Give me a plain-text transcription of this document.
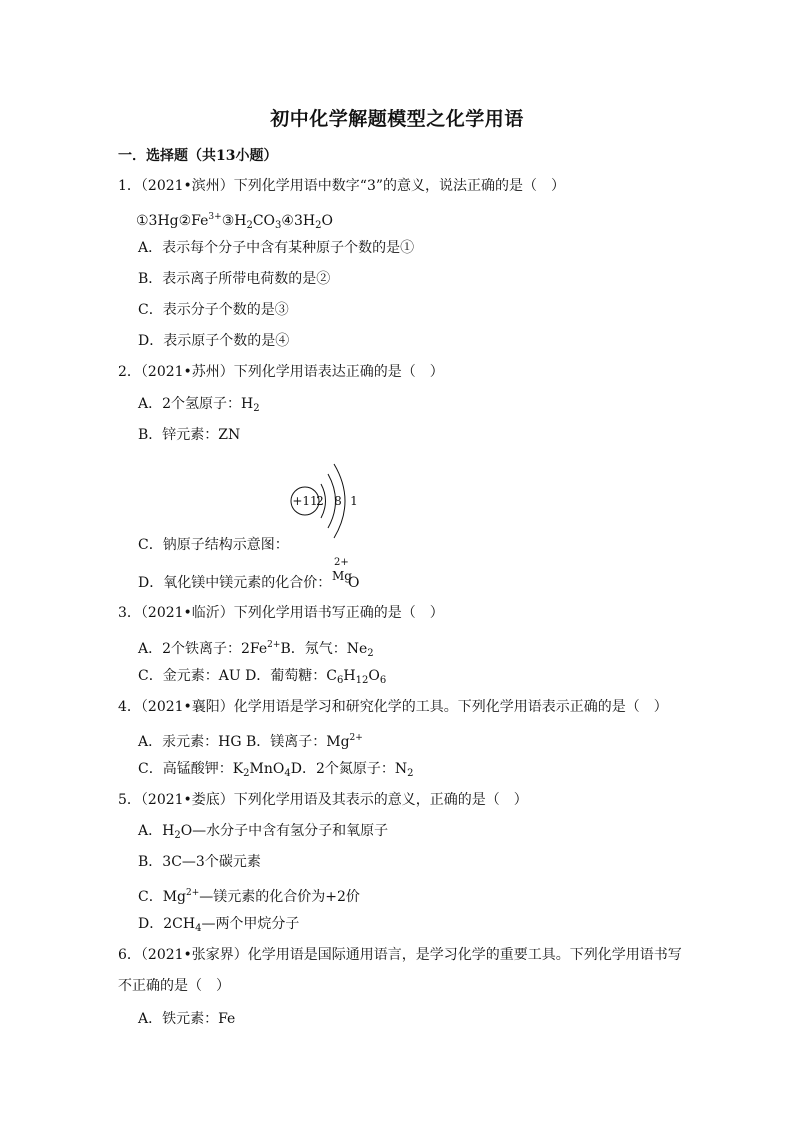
初中化学解题模型之化学用语
一．选择题（共13小题）
1．（2021•滨州）下列化学用语中数字“3”的意义，说法正确的是（　）
$①3Hg②Fe^{3+}③H_2CO_3④3H_2O$
A．表示每个分子中含有某种原子个数的是①
B．表示离子所带电荷数的是②
C．表示分子个数的是③
D．表示原子个数的是④
2．（2021•苏州）下列化学用语表达正确的是（　）
A．2个氢原子：$H_2$
B．锌元素：ZN
+11
2 8 1
C．钠原子结构示意图：
D．氧化镁中镁元素的化合价：
2+
Mg
O
3．（2021•临沂）下列化学用语书写正确的是（　）
A．2个铁离子：$2Fe^{2+}B$．氖气：$Ne_2$
C．金元素：AU D．葡萄糖：$C_6H_{12}O_6$
4．（2021•襄阳）化学用语是学习和研究化学的工具。下列化学用语表示正确的是（　）
A．汞元素：HG B．镁离子：$Mg^{2+}$
C．高锰酸钾：$K_2MnO_4D$．2个氮原子：$N_2$
5．（2021•娄底）下列化学用语及其表示的意义，正确的是（　）
A．$H_2O—$水分子中含有氢分子和氧原子
B．3C—3个碳元素
C．$Mg^{2+}—$镁元素的化合价为+2价
D．$2CH_4—$两个甲烷分子
6．（2021•张家界）化学用语是国际通用语言，是学习化学的重要工具。下列化学用语书写
不正确的是（　）
A．铁元素：Fe
